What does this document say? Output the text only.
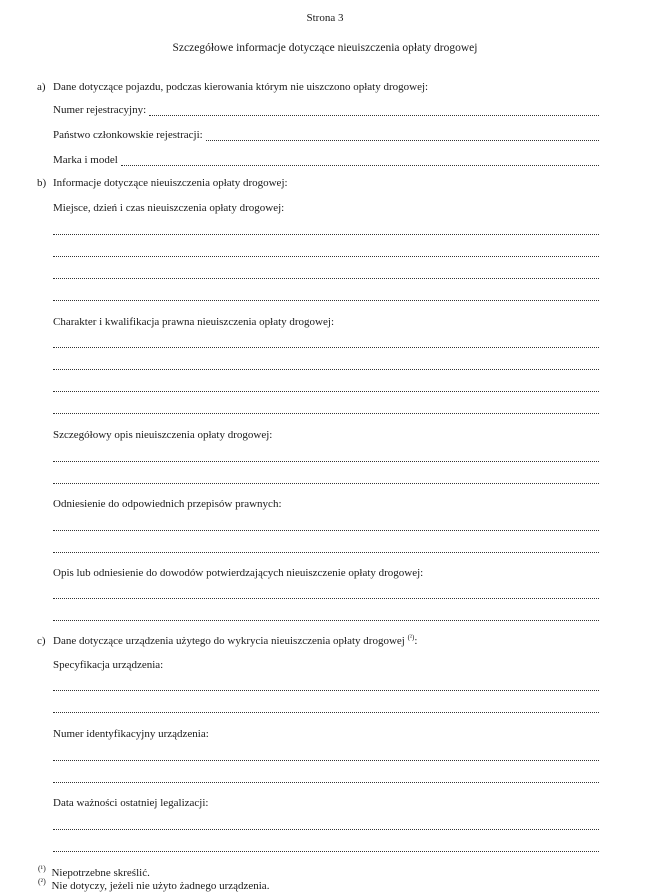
Strona 3
Szczegółowe informacje dotyczące nieuiszczenia opłaty drogowej
a) Dane dotyczące pojazdu, podczas kierowania którym nie uiszczono opłaty drogowej:
Numer rejestracyjny:
Państwo członkowskie rejestracji:
Marka i model
b) Informacje dotyczące nieuiszczenia opłaty drogowej:
Miejsce, dzień i czas nieuiszczenia opłaty drogowej:
Charakter i kwalifikacja prawna nieuiszczenia opłaty drogowej:
Szczegółowy opis nieuiszczenia opłaty drogowej:
Odniesienie do odpowiednich przepisów prawnych:
Opis lub odniesienie do dowodów potwierdzających nieuiszczenie opłaty drogowej:
c) Dane dotyczące urządzenia użytego do wykrycia nieuiszczenia opłaty drogowej $^{(^2)}$:
Specyfikacja urządzenia:
Numer identyfikacyjny urządzenia:
Data ważności ostatniej legalizacji:
$^{(^1)}$ Niepotrzebne skreślić.
$^{(^2)}$ Nie dotyczy, jeżeli nie użyto żadnego urządzenia.
